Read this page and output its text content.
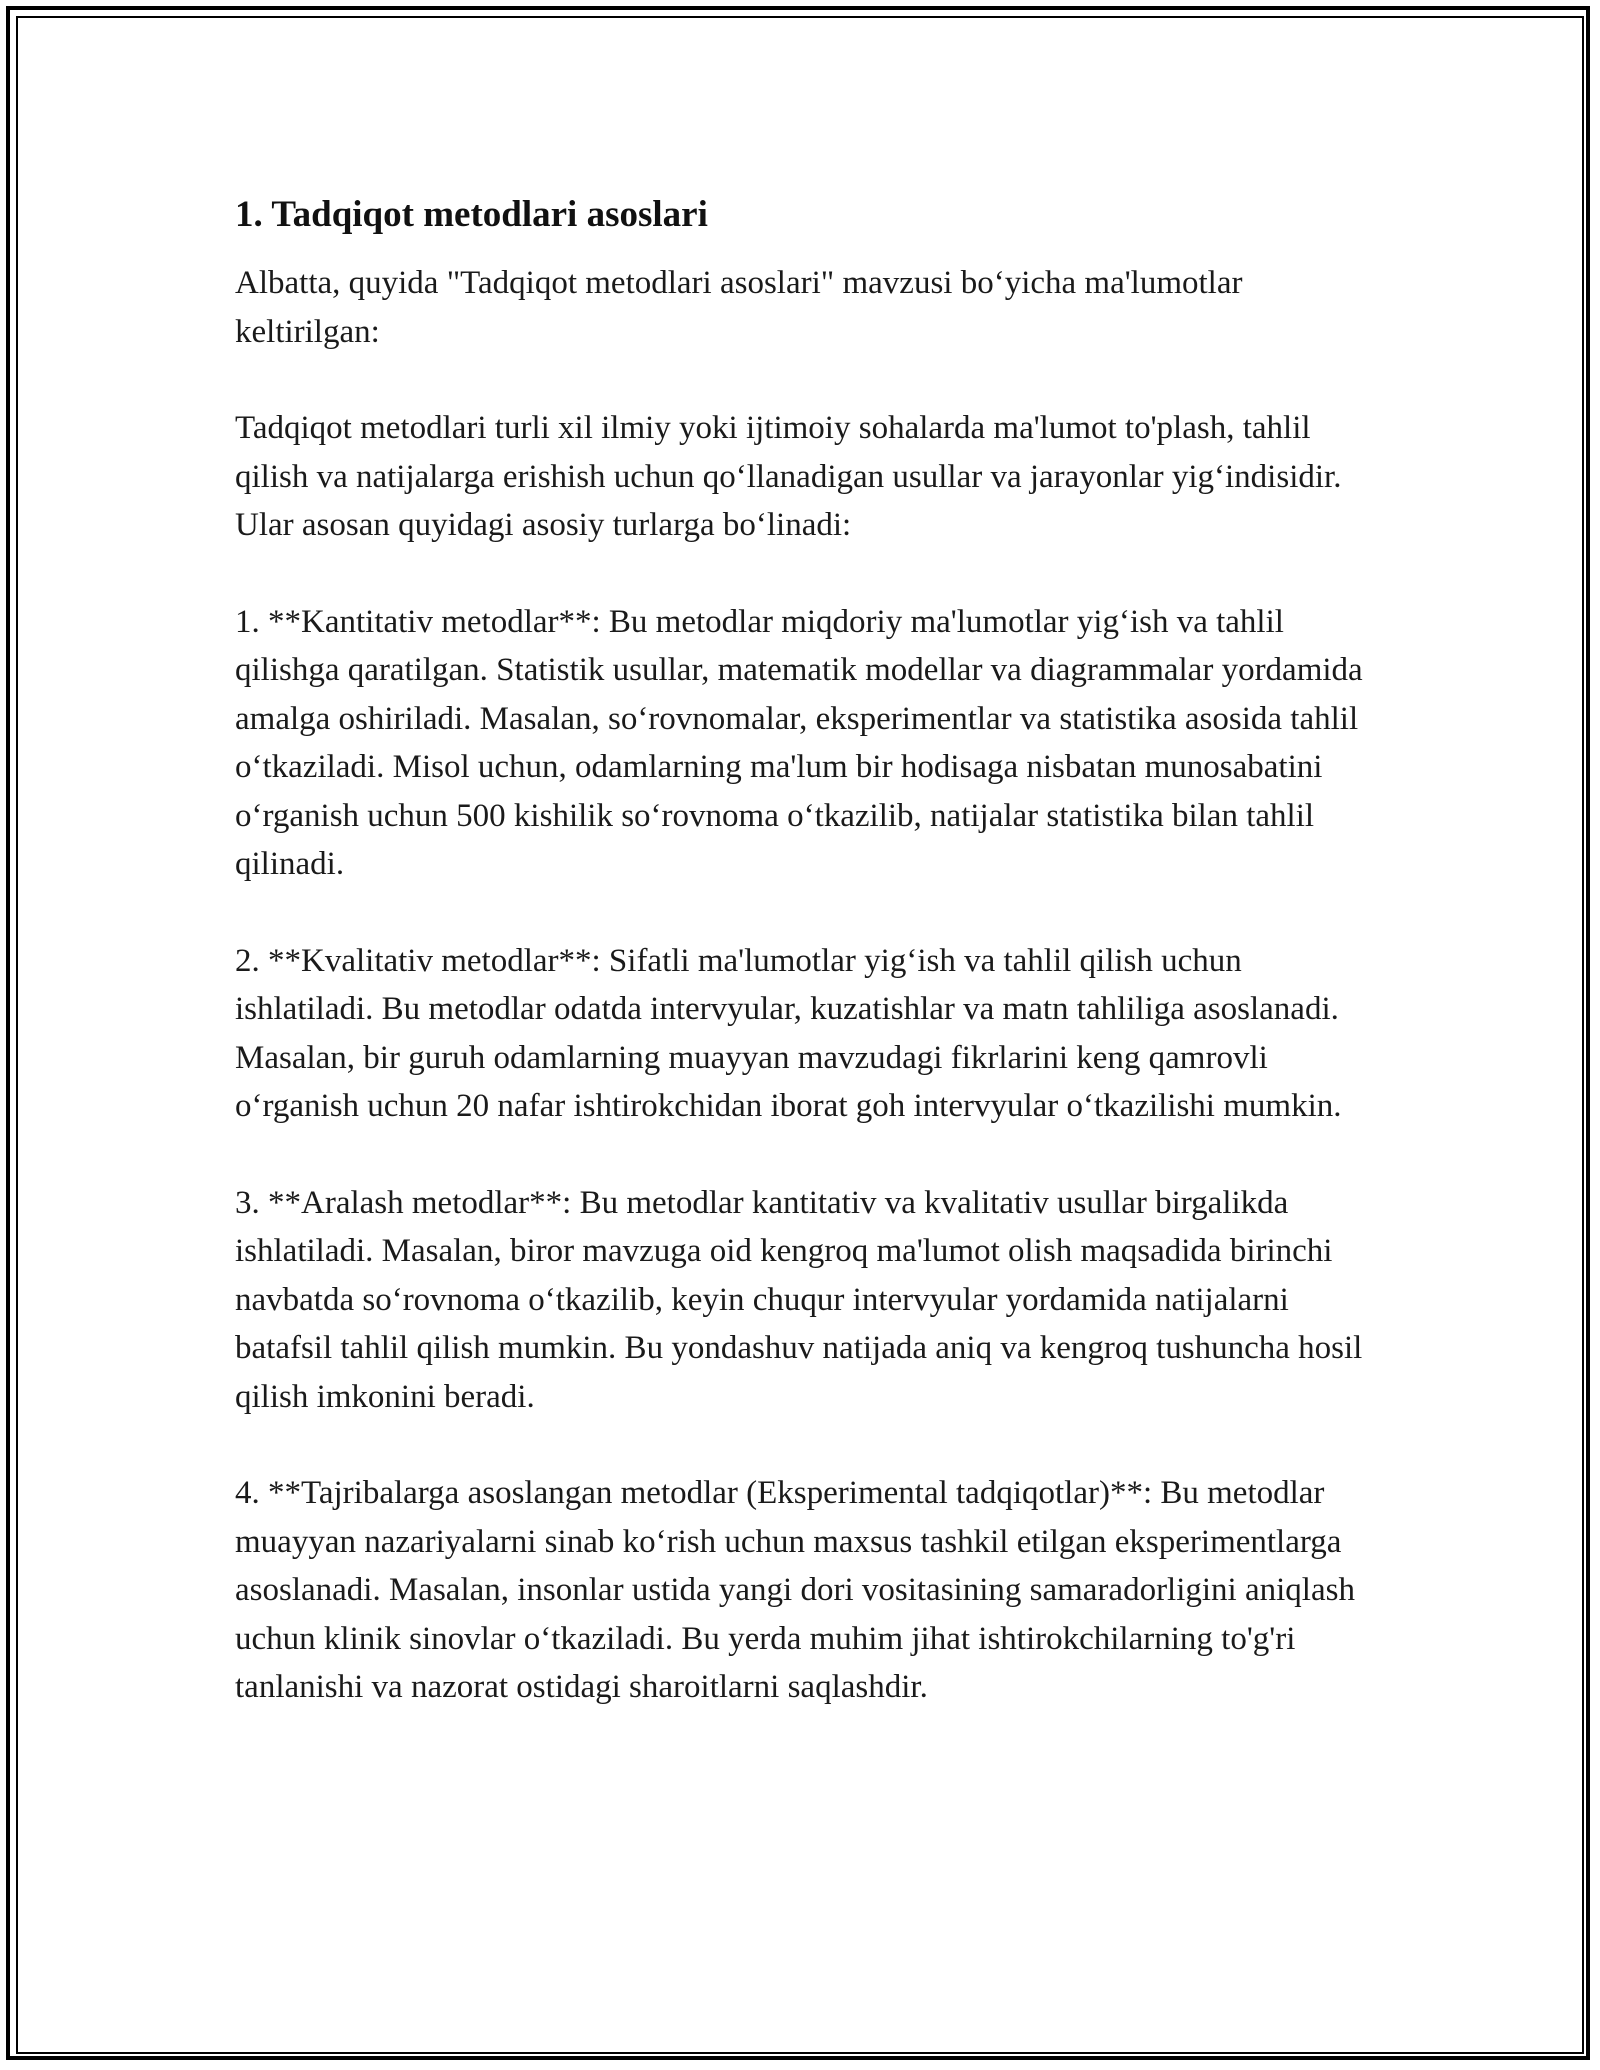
1. Tadqiqot metodlari asoslari

Albatta, quyida "Tadqiqot metodlari asoslari" mavzusi bo‘yicha ma'lumotlar keltirilgan:

Tadqiqot metodlari turli xil ilmiy yoki ijtimoiy sohalarda ma'lumot to'plash, tahlil qilish va natijalarga erishish uchun qo‘llanadigan usullar va jarayonlar yig‘indisidir. Ular asosan quyidagi asosiy turlarga bo‘linadi:

1. **Kantitativ metodlar**: Bu metodlar miqdoriy ma'lumotlar yig‘ish va tahlil qilishga qaratilgan. Statistik usullar, matematik modellar va diagrammalar yordamida amalga oshiriladi. Masalan, so‘rovnomalar, eksperimentlar va statistika asosida tahlil o‘tkaziladi. Misol uchun, odamlarning ma'lum bir hodisaga nisbatan munosabatini o‘rganish uchun 500 kishilik so‘rovnoma o‘tkazilib, natijalar statistika bilan tahlil qilinadi.

2. **Kvalitativ metodlar**: Sifatli ma'lumotlar yig‘ish va tahlil qilish uchun ishlatiladi. Bu metodlar odatda intervyular, kuzatishlar va matn tahliliga asoslanadi. Masalan, bir guruh odamlarning muayyan mavzudagi fikrlarini keng qamrovli o‘rganish uchun 20 nafar ishtirokchidan iborat goh intervyular o‘tkazilishi mumkin.

3. **Aralash metodlar**: Bu metodlar kantitativ va kvalitativ usullar birgalikda ishlatiladi. Masalan, biror mavzuga oid kengroq ma'lumot olish maqsadida birinchi navbatda so‘rovnoma o‘tkazilib, keyin chuqur intervyular yordamida natijalarni batafsil tahlil qilish mumkin. Bu yondashuv natijada aniq va kengroq tushuncha hosil qilish imkonini beradi.

4. **Tajribalarga asoslangan metodlar (Eksperimental tadqiqotlar)**: Bu metodlar muayyan nazariyalarni sinab ko‘rish uchun maxsus tashkil etilgan eksperimentlarga asoslanadi. Masalan, insonlar ustida yangi dori vositasining samaradorligini aniqlash uchun klinik sinovlar o‘tkaziladi. Bu yerda muhim jihat ishtirokchilarning to'g'ri tanlanishi va nazorat ostidagi sharoitlarni saqlashdir.
